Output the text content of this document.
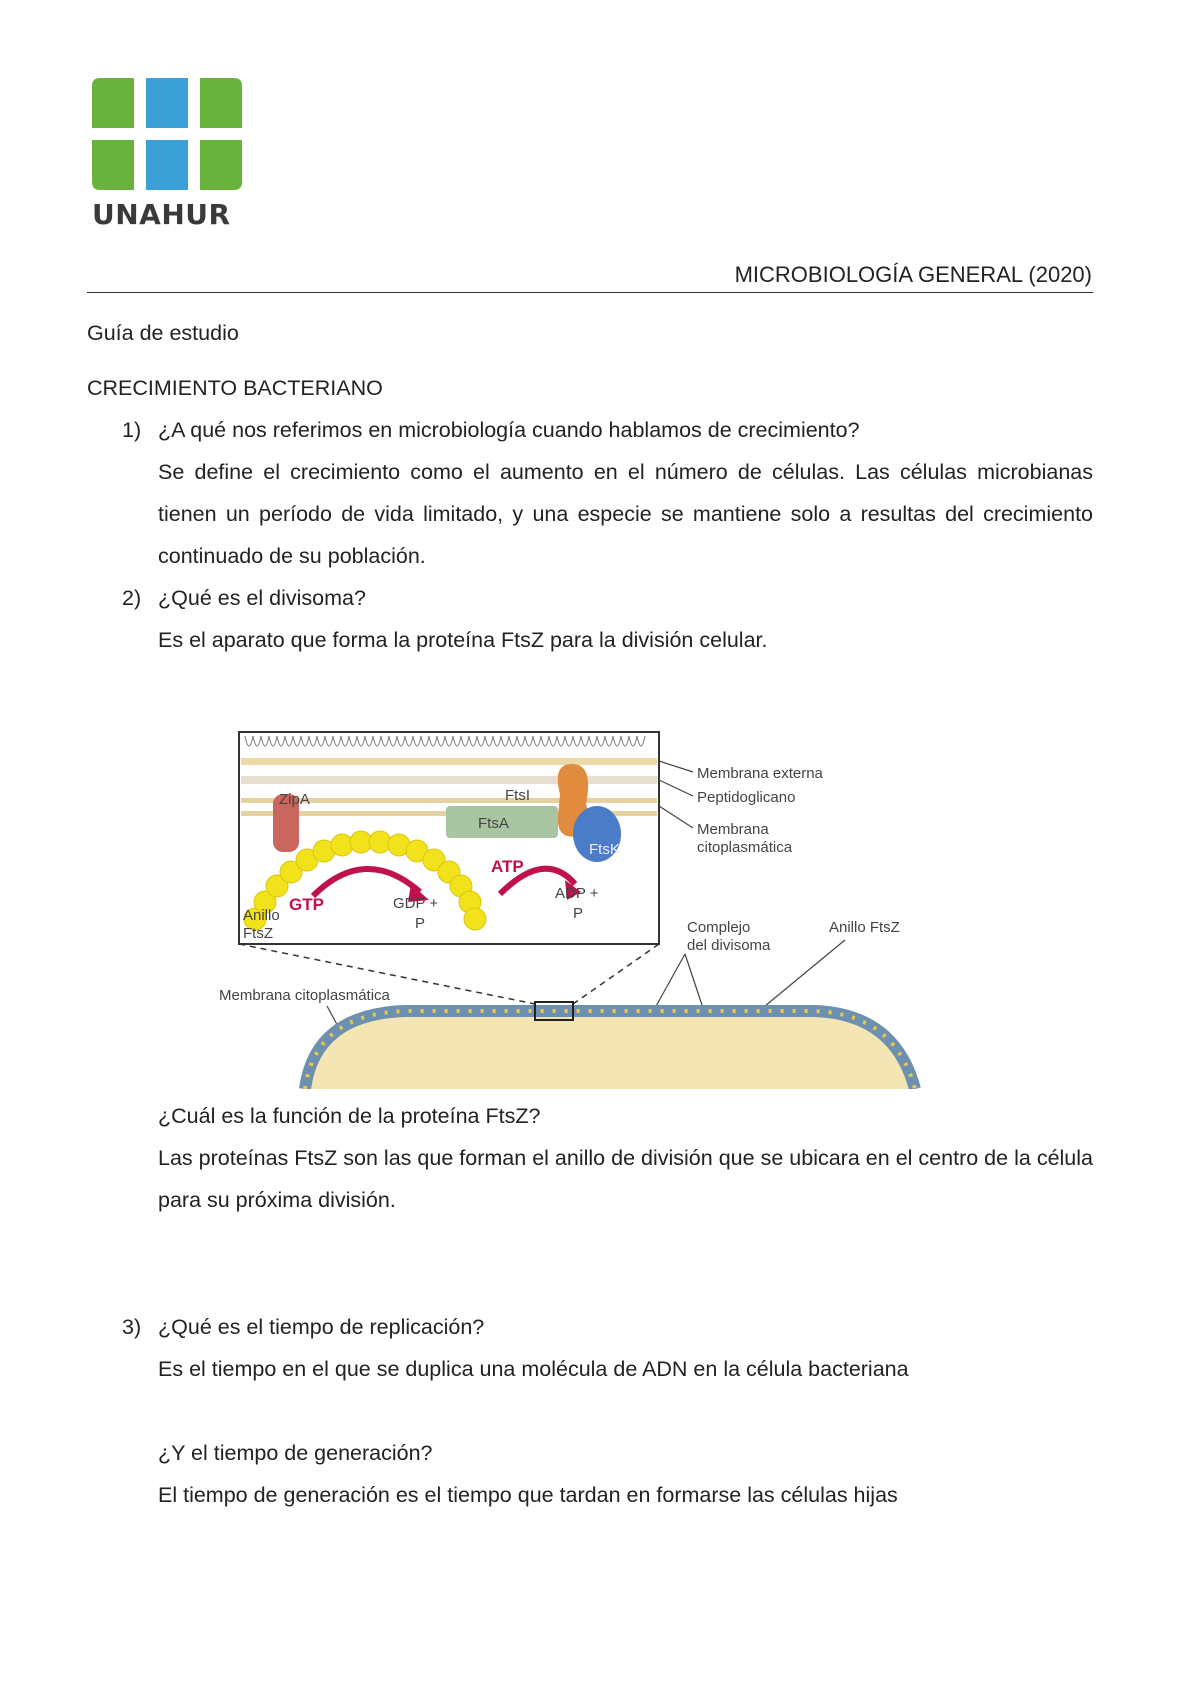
UNAHUR
MICROBIOLOGÍA GENERAL (2020)
Guía de estudio
CRECIMIENTO BACTERIANO
1) ¿A qué nos referimos en microbiología cuando hablamos de crecimiento?
Se define el crecimiento como el aumento en el número de células. Las células microbianas tienen un período de vida limitado, y una especie se mantiene solo a resultas del crecimiento continuado de su población.
2) ¿Qué es el divisoma?
Es el aparato que forma la proteína FtsZ para la división celular.
ZipA	FtsI
FtsA
FtsK
GTP	GDP +
P
ATP
ADP +
P
Anillo
FtsZ
Membrana externa
Peptidoglicano
Membrana
citoplasmática
Complejo
del divisoma
Anillo FtsZ
Membrana citoplasmática
¿Cuál es la función de la proteína FtsZ?
Las proteínas FtsZ son las que forman el anillo de división que se ubicara en el centro de la célula para su próxima división.
3) ¿Qué es el tiempo de replicación?
Es el tiempo en el que se duplica una molécula de ADN en la célula bacteriana
¿Y el tiempo de generación?
El tiempo de generación es el tiempo que tardan en formarse las células hijas
